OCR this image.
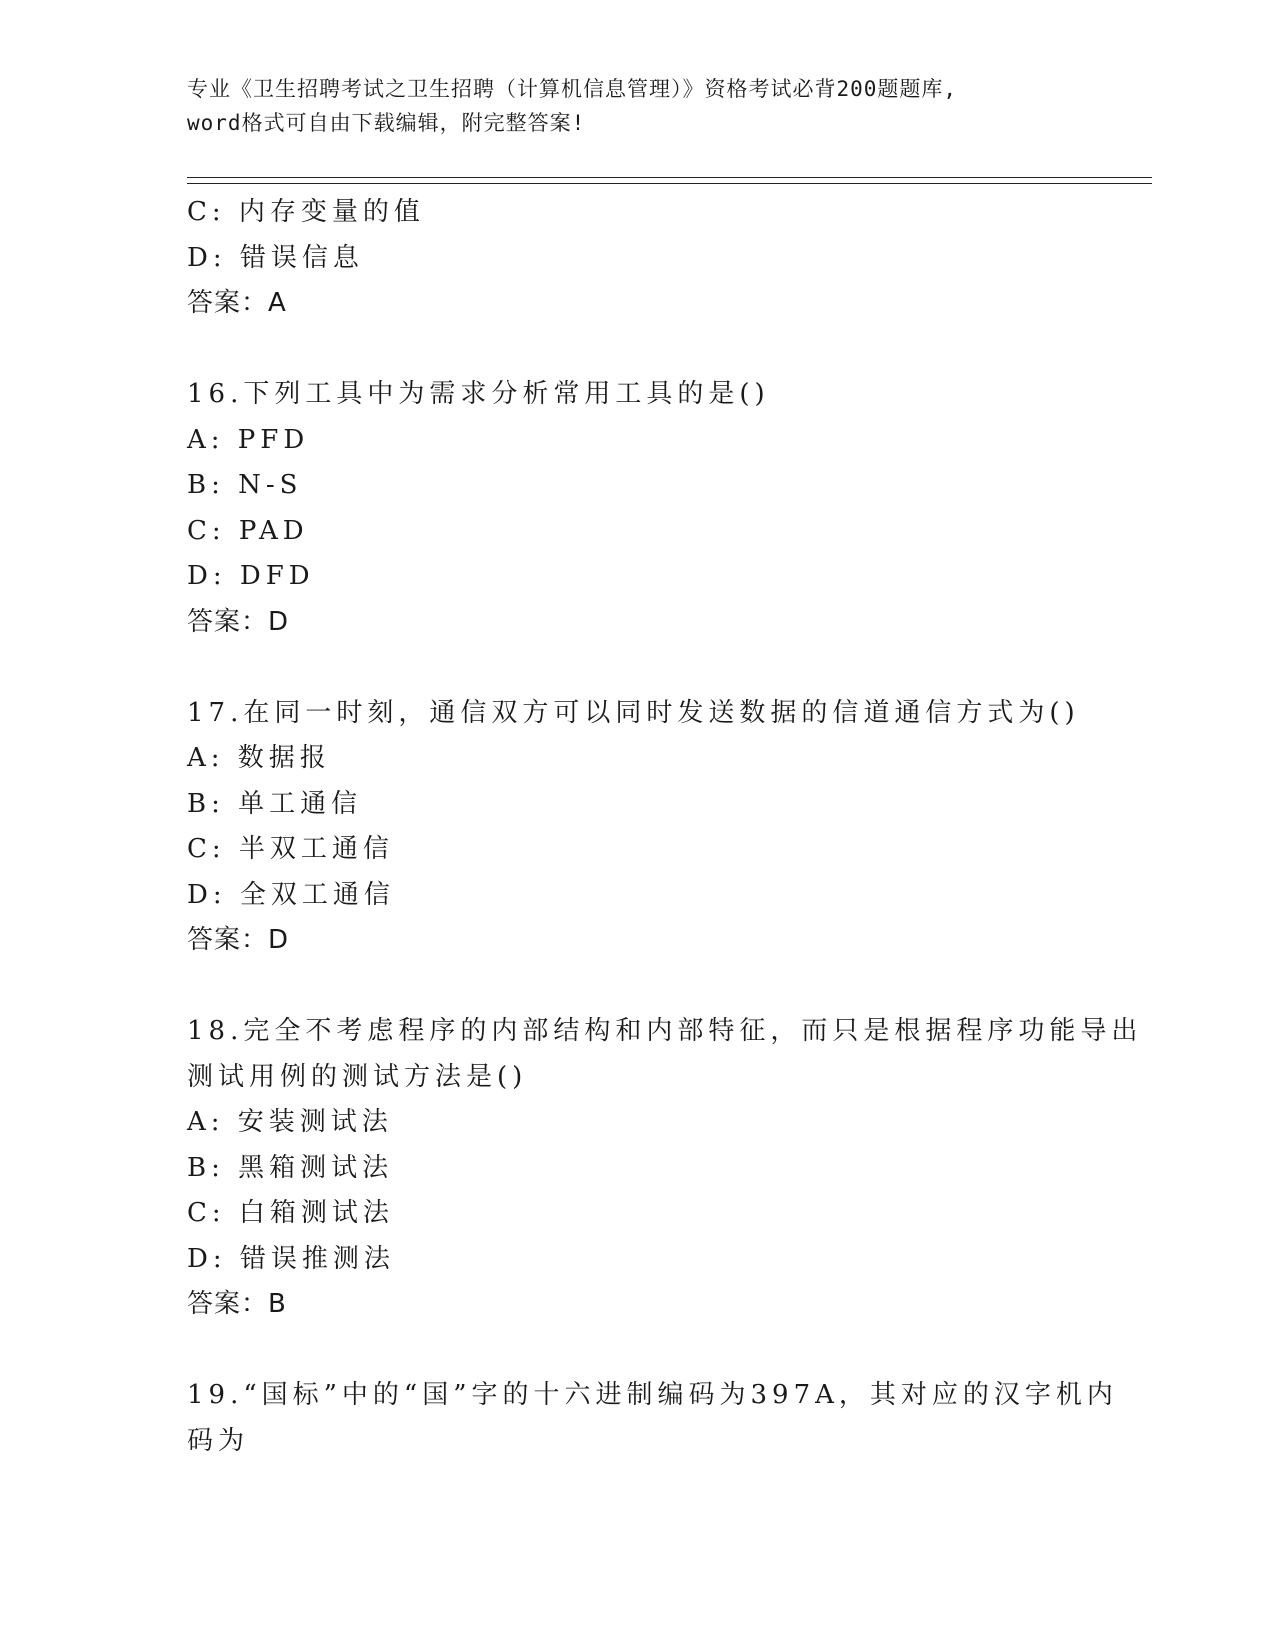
专业《卫生招聘考试之卫生招聘（计算机信息管理）》资格考试必背200题题库,
word格式可自由下载编辑，附完整答案!
C: 内存变量的值
D: 错误信息
答案：A
16.下列工具中为需求分析常用工具的是()
A: PFD
B: N-S
C: PAD
D: DFD
答案：D
17.在同一时刻，通信双方可以同时发送数据的信道通信方式为()
A: 数据报
B: 单工通信
C: 半双工通信
D: 全双工通信
答案：D
18.完全不考虑程序的内部结构和内部特征，而只是根据程序功能导出
测试用例的测试方法是()
A: 安装测试法
B: 黑箱测试法
C: 白箱测试法
D: 错误推测法
答案：B
19.“国标”中的“国”字的十六进制编码为397A，其对应的汉字机内
码为
